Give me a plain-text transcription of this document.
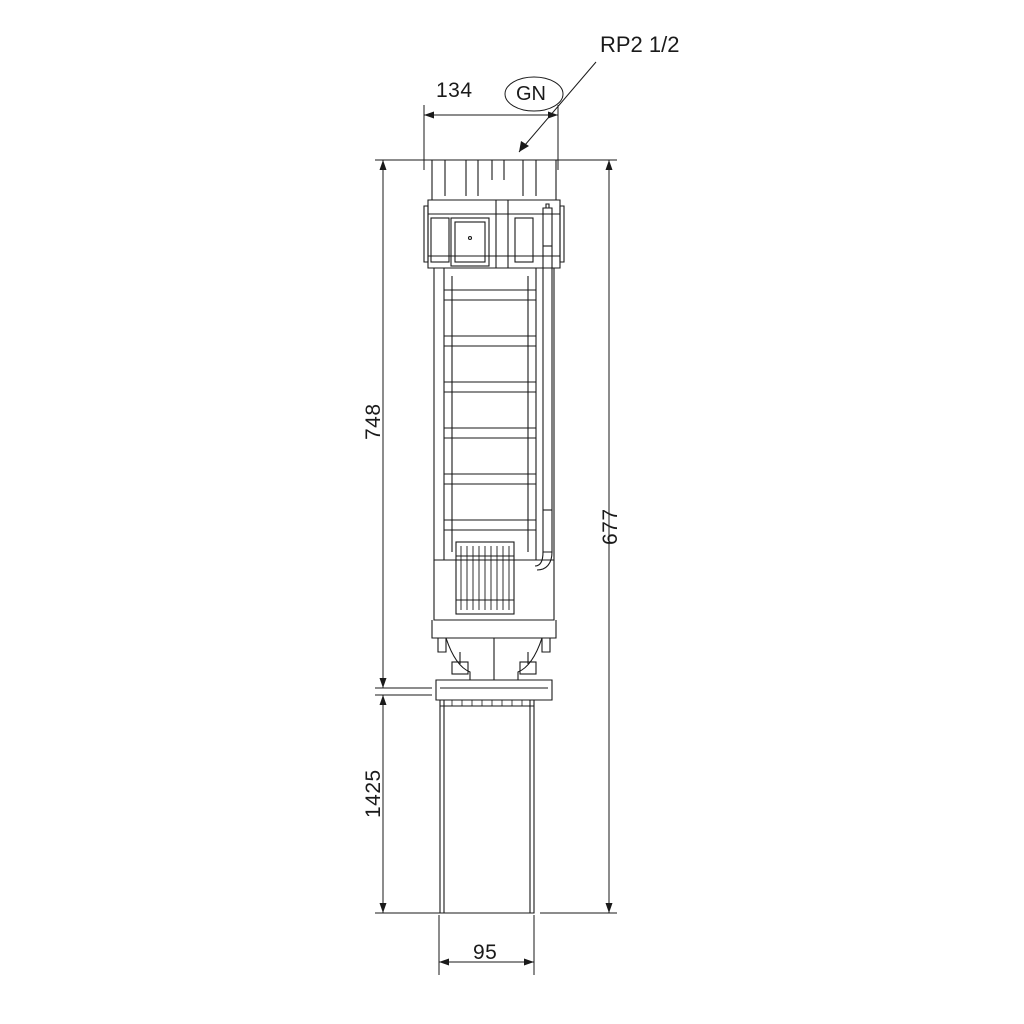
RP2 1/2
GN
134
748
1425
677
95
